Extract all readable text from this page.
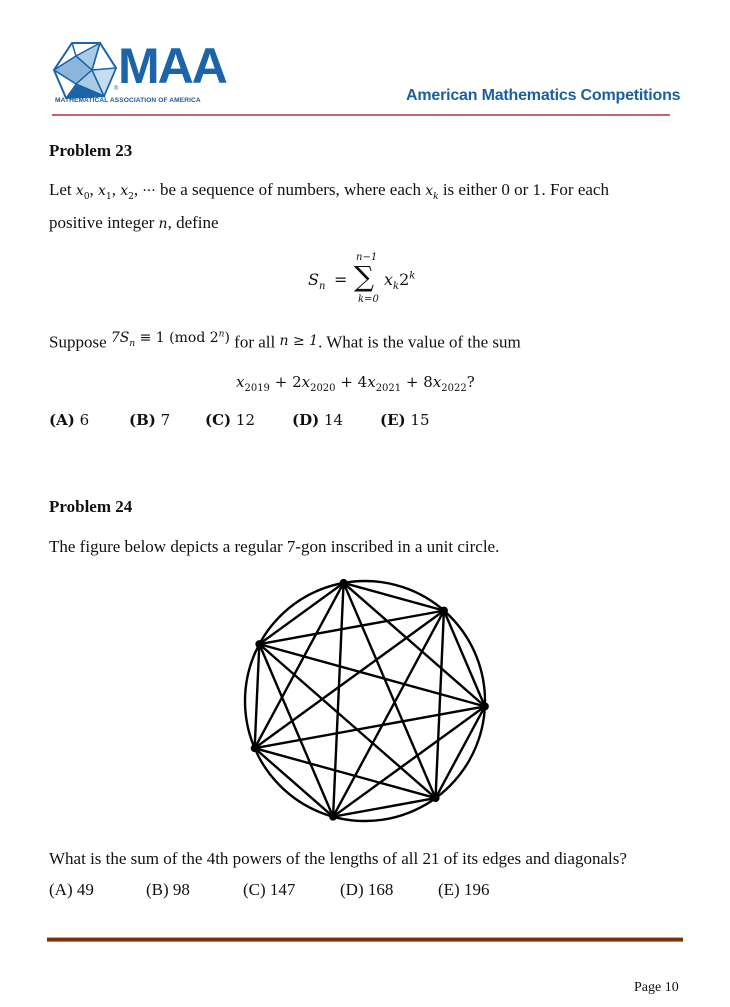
® MAA
MATHEMATICAL ASSOCIATION OF AMERICA	American Mathematics Competitions
Problem 23
Let $x_0$, $x_1$, $x_2$, ··· be a sequence of numbers, where each $x_k$ is either 0 or 1. For each
positive integer n, define
$S_n$ =
n−1
∑
k=0
$x_k2^k$
Suppose $^{7S_n \equiv 1 (mod 2^n)}$ for all n ≥ 1. What is the value of the sum
$x_{2019} + 2x_{2020} + 4x_{2021} + 8x_{2022}$?
(A) 6	(B) 7 (C) 12 (D) 14 (E) 15
Problem 24
The figure below depicts a regular 7-gon inscribed in a unit circle.
What is the sum of the 4th powers of the lengths of all 21 of its edges and diagonals?
(A) 49	(B) 98	(C) 147	(D) 168	(E) 196
Page 10
